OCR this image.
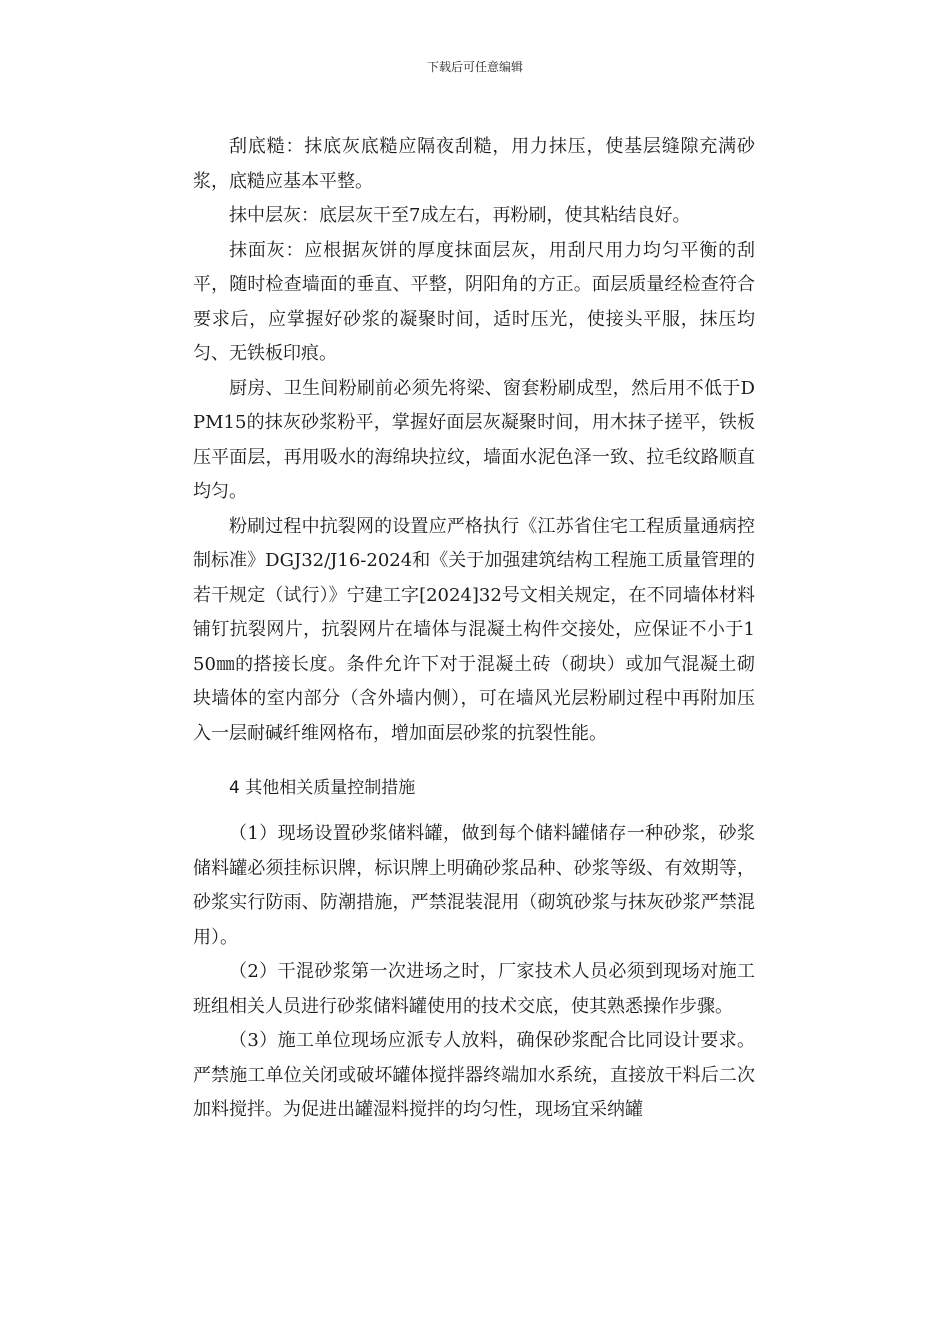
下载后可任意编辑

刮底糙：抹底灰底糙应隔夜刮糙，用力抹压，使基层缝隙充满砂浆，底糙应基本平整。

抹中层灰：底层灰干至7成左右，再粉刷，使其粘结良好。

抹面灰：应根据灰饼的厚度抹面层灰，用刮尺用力均匀平衡的刮平，随时检查墙面的垂直、平整，阴阳角的方正。面层质量经检查符合要求后，应掌握好砂浆的凝聚时间，适时压光，使接头平服，抹压均匀、无铁板印痕。

厨房、卫生间粉刷前必须先将梁、窗套粉刷成型，然后用不低于DPM15的抹灰砂浆粉平，掌握好面层灰凝聚时间，用木抹子搓平，铁板压平面层，再用吸水的海绵块拉纹，墙面水泥色泽一致、拉毛纹路顺直均匀。

粉刷过程中抗裂网的设置应严格执行《江苏省住宅工程质量通病控制标准》DGJ32/J16-2024和《关于加强建筑结构工程施工质量管理的若干规定（试行）》宁建工字[2024]32号文相关规定，在不同墙体材料铺钉抗裂网片，抗裂网片在墙体与混凝土构件交接处，应保证不小于150㎜的搭接长度。条件允许下对于混凝土砖（砌块）或加气混凝土砌块墙体的室内部分（含外墙内侧），可在墙风光层粉刷过程中再附加压入一层耐碱纤维网格布，增加面层砂浆的抗裂性能。

4 其他相关质量控制措施

（1）现场设置砂浆储料罐，做到每个储料罐储存一种砂浆，砂浆储料罐必须挂标识牌，标识牌上明确砂浆品种、砂浆等级、有效期等，砂浆实行防雨、防潮措施，严禁混装混用（砌筑砂浆与抹灰砂浆严禁混用）。

（2）干混砂浆第一次进场之时，厂家技术人员必须到现场对施工班组相关人员进行砂浆储料罐使用的技术交底，使其熟悉操作步骤。

（3）施工单位现场应派专人放料，确保砂浆配合比同设计要求。严禁施工单位关闭或破坏罐体搅拌器终端加水系统，直接放干料后二次加料搅拌。为促进出罐湿料搅拌的均匀性，现场宜采纳罐
